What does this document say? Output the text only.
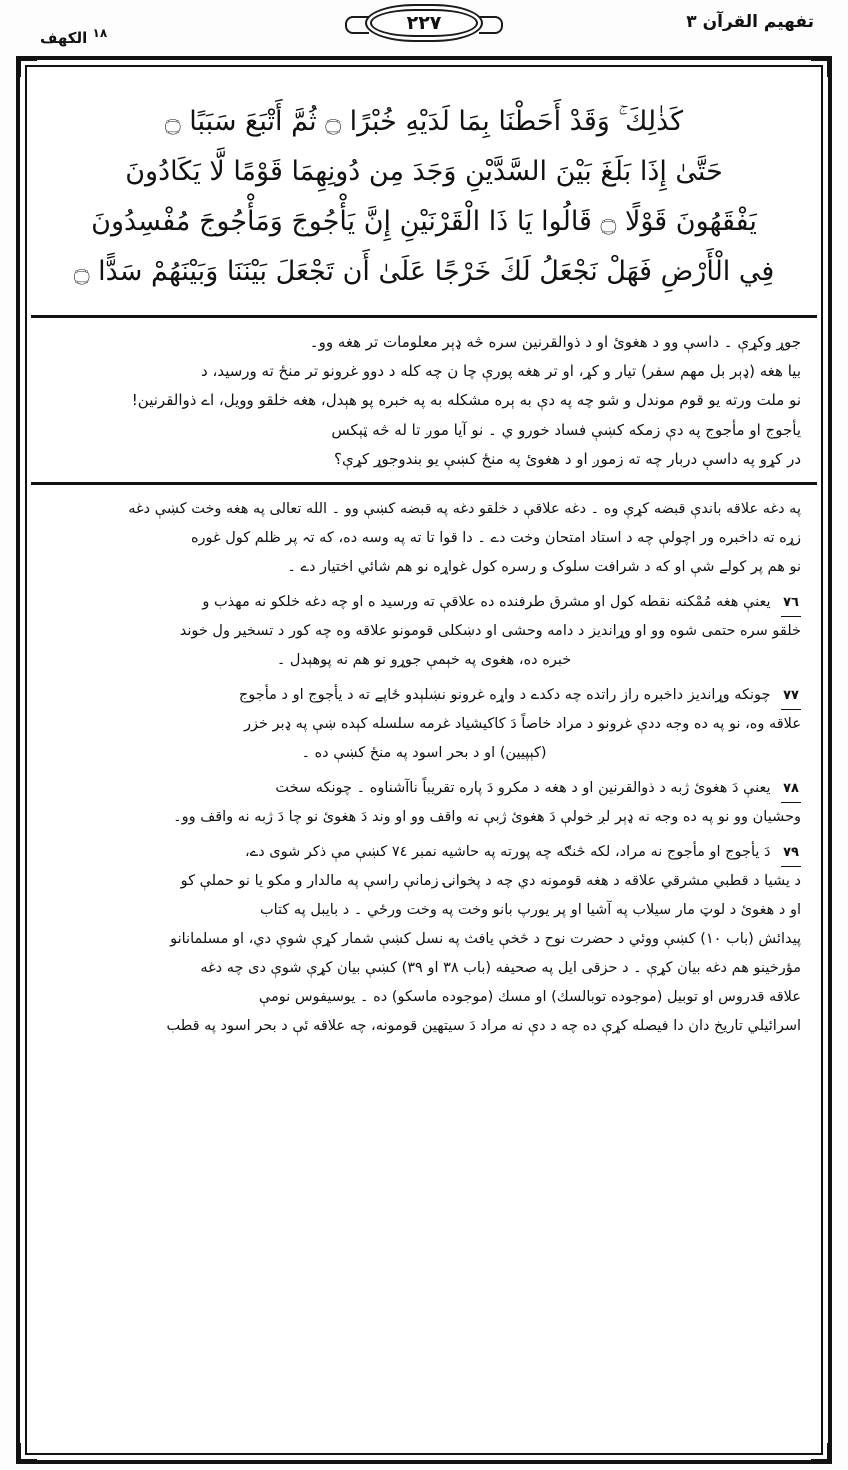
تفهيم القرآن ٣
٢٢٧
$^{١٨}$ الكهف
كَذٰلِكَ ۚ وَقَدْ أَحَطْنَا بِمَا لَدَيْهِ خُبْرًا ۝ ثُمَّ أَتْبَعَ سَبَبًا ۝
حَتَّىٰ إِذَا بَلَغَ بَيْنَ السَّدَّيْنِ وَجَدَ مِن دُونِهِمَا قَوْمًا لَّا يَكَادُونَ
يَفْقَهُونَ قَوْلًا ۝ قَالُوا يَا ذَا الْقَرْنَيْنِ إِنَّ يَأْجُوجَ وَمَأْجُوجَ مُفْسِدُونَ
فِي الْأَرْضِ فَهَلْ نَجْعَلُ لَكَ خَرْجًا عَلَىٰ أَن تَجْعَلَ بَيْنَنَا وَبَيْنَهُمْ سَدًّا ۝
جوړ وکړې ۔ داسې وو د هغوئ او د ذوالقرنين سره څه ډېر معلومات تر هغه وو۔
بيا هغه (ډېر بل مهم سفر) تيار و کړ، او تر هغه پورې چا ن چه کله د دوو غرونو تر منځ ته ورسيد، د
نو ملت ورته يو قوم موندل و شو چه په دې به ېره مشكله به په خبره پو هېدل، هغه خلقو وويل، اے ذوالقرنين!
يأجوج او مأجوج په دې زمكه كښې فساد خورو ي ۔ نو آيا موږ تا له څه ټېکس
در کړو په داسې دربار چه ته زموږ او د هغوئ په منځ کښې يو بندوجوړ کړې؟
په دغه علاقه باندې قبضه کړې وه ۔ دغه علاقې د خلقو دغه په قبضه کښې وو ۔ الله تعالى په هغه وخت کښې دغه
زړه ته داخبره ور اچولې چه د استاد امتحان وخت دے ۔ دا قوا تا ته په وسه ده، که تہ پر ظلم کول غوره
نو هم پر کولے شې او که د شرافت سلوک و رسره کول غواړه نو هم شائي اختيار دے ۔
٧٦ يعنې هغه مُمْكنه نقطه کول او مشرق طرفنده ده علاقې ته ورسيد ه او چه دغه خلكو نه مهذب و
خلقو سره حتمى شوه وو او وړانديز د دامه وحشى او دښكلى قومونو علاقه وه چه کور د تسخير ول خوند
خبره ده، هغوى په خېمې جوړو نو هم نه پوهېدل ۔
٧٧ چونكه وړانديز داخبره راز راتده چه دکدے د واړه غرونو نښلېدو ځاپے ته د يأجوج او د مأجوج
علاقه وه، نو په ده وجه ددې غرونو د مراد خاصاً دَ کاکيشياد غرمه سلسله کېده ښې په ډبر خزر
(کېپيين) او د بحر اسود په منځ کښې ده ۔
٧٨ يعنې دَ هغوئ ژبه د ذوالقرنين او د هغه د مكرو دَ پاره تقريباً ناآشناوه ۔ چونكه سخت
وحشيان وو نو په ده وجه نه ډېر لږ خولې دَ هغوئ ژبې نه واقف وو او وند دَ هغوئ نو چا دَ ژبه نه واقف وو۔
٧٩ دَ يأجوج او مأجوج نه مراد، لكه څنګه چه پورته په حاشيه نمبر ٧٤ کښې مې ذکر شوى دے،
د يشيا د قطبي مشرقي علاقه د هغه قومونه دي چه د پخوانۍ زمانې راسې په مالدار و مكو يا نو حملې کو
او د هغوئ د لوټ مار سيلاب په آشيا او پر يورپ بانو وخت په وخت ورځي ۔ د بايبل په كتاب
پیدائش (باب ١٠) کښې ووئي د حضرت نوح د څخې يافث په نسل کښې شمار کړې شوې دي، او مسلمانانو
مؤرخينو هم دغه بيان کړې ۔ د حزقی ایل په صحیفه (باب ٣٨ او ٣٩) کښې بيان کړې شوې دى چه دغه
علاقه قدروس او توبيل (موجوده توبالسك) او مسك (موجوده ماسكو) ده ۔ يوسيفوس نومې
اسرائيلي تاريخ دان دا فيصله کړې دە چه د دې نه مراد دَ سيتهين قومونه، چه علاقه ئې د بحر اسود په قطب
